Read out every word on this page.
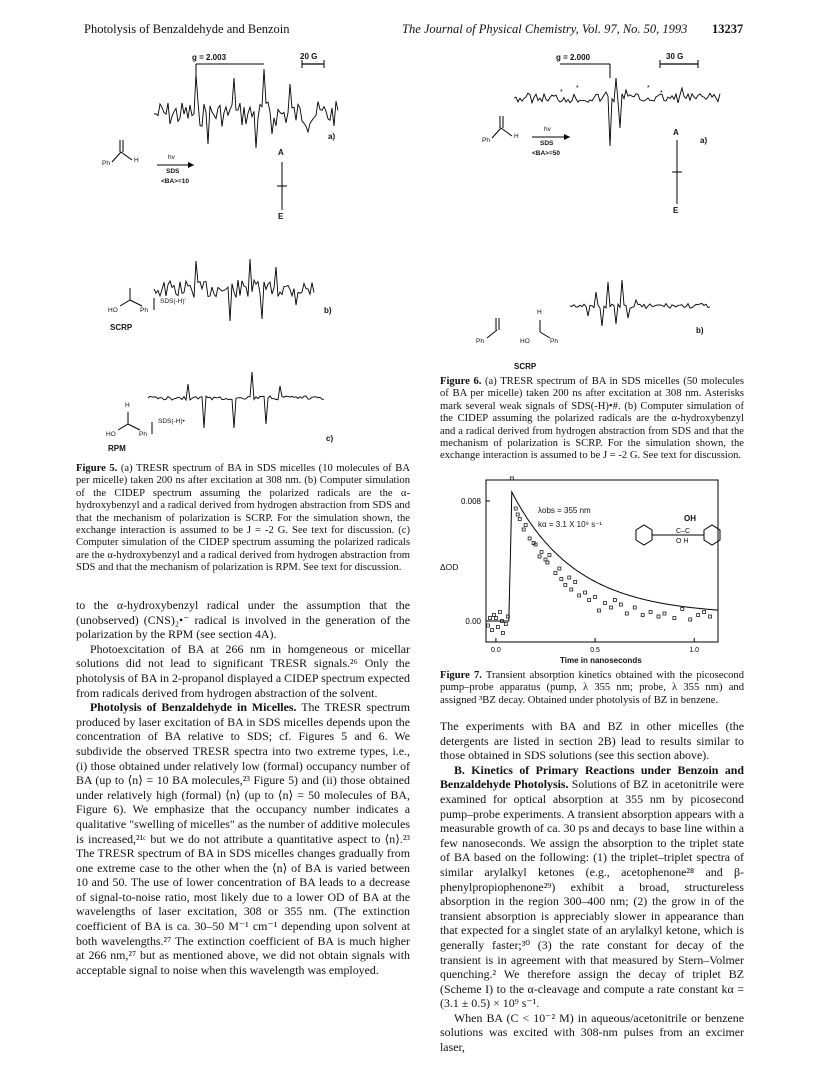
Photolysis of Benzaldehyde and Benzoin	The Journal of Physical Chemistry, Vol. 97, No. 50, 1993 13237
g = 2.003	20 G
a)
A
E
hv
SDS
<BA>=10
Ph	H
b)
SDS(-H)'
HO	Ph
SCRP
c)
SDS(-H)•
H
HO	Ph
RPM
Figure 5. (a) TRESR spectrum of BA in SDS micelles (10 molecules of BA per micelle) taken 200 ns after excitation at 308 nm. (b) Computer simulation of the CIDEP spectrum assuming the polarized radicals are the α-hydroxybenzyl and a radical derived from hydrogen abstraction from SDS and that the mechanism of polarization is SCRP. For the simulation shown, the exchange interaction is assumed to be J = -2 G. See text for discussion. (c) Computer simulation of the CIDEP spectrum assuming the polarized radicals are the α-hydroxybenzyl and a radical derived from hydrogen abstraction from SDS and that the mechanism of polarization is RPM. See text for discussion.

to the α-hydroxybenzyl radical under the assumption that the (unobserved) (CNS)₂•⁻ radical is involved in the generation of the polarization by the RPM (see section 4A).

Photoexcitation of BA at 266 nm in homgeneous or micellar solutions did not lead to significant TRESR signals.²⁶ Only the photolysis of BA in 2-propanol displayed a CIDEP spectrum expected from radicals derived from hydrogen abstraction of the solvent.

Photolysis of Benzaldehyde in Micelles. The TRESR spectrum produced by laser excitation of BA in SDS micelles depends upon the concentration of BA relative to SDS; cf. Figures 5 and 6. We subdivide the observed TRESR spectra into two extreme types, i.e., (i) those obtained under relatively low (formal) occupancy number of BA (up to ⟨n⟩ = 10 BA molecules,²³ Figure 5) and (ii) those obtained under relatively high (formal) ⟨n⟩ (up to ⟨n⟩ = 50 molecules of BA, Figure 6). We emphasize that the occupancy number indicates a qualitative "swelling of micelles" as the number of additive molecules is increased,²¹ᶜ but we do not attribute a quantitative aspect to ⟨n⟩.²³ The TRESR spectrum of BA in SDS micelles changes gradually from one extreme case to the other when the ⟨n⟩ of BA is varied between 10 and 50. The use of lower concentration of BA leads to a decrease of signal-to-noise ratio, most likely due to a lower OD of BA at the wavelengths of laser excitation, 308 or 355 nm. (The extinction coefficient of BA is ca. 30–50 M⁻¹ cm⁻¹ depending upon solvent at both wavelengths.²⁷ The extinction coefficient of BA is much higher at 266 nm,²⁷ but as mentioned above, we did not obtain signals with acceptable signal to noise when this wavelength was employed.

*
*	*
*
g = 2.000	30 G
a)
A
E
hv
SDS
<BA>=50
Ph
H
b)
H
HO	Ph
Ph
SCRP
Figure 6. (a) TRESR spectrum of BA in SDS micelles (50 molecules of BA per micelle) taken 200 ns after excitation at 308 nm. Asterisks mark several weak signals of SDS(-H)•#. (b) Computer simulation of the CIDEP assuming the polarized radicals are the α-hydroxybenzyl and a radical derived from hydrogen abstraction from SDS and that the mechanism of polarization is SCRP. For the simulation shown, the exchange interaction is assumed to be J = -2 G. See text for discussion.
0.0	0.5	1.0
0.00
0.008
ΔOD
λobs = 355 nm
kα = 3.1 X 10⁹ s⁻¹
OH
C–C
O H
Time in nanoseconds
Figure 7. Transient absorption kinetics obtained with the picosecond pump–probe apparatus (pump, λ 355 nm; probe, λ 355 nm) and assigned ³BZ decay. Obtained under photolysis of BZ in benzene.

The experiments with BA and BZ in other micelles (the detergents are listed in section 2B) lead to results similar to those obtained in SDS solutions (see this section above).

B. Kinetics of Primary Reactions under Benzoin and Benzaldehyde Photolysis. Solutions of BZ in acetonitrile were examined for optical absorption at 355 nm by picosecond pump–probe experiments. A transient absorption appears with a measurable growth of ca. 30 ps and decays to base line within a few nanoseconds. We assign the absorption to the triplet state of BA based on the following: (1) the triplet–triplet spectra of similar arylalkyl ketones (e.g., acetophenone²⁸ and β-phenylpropiophenone²⁹) exhibit a broad, structureless absorption in the region 300–400 nm; (2) the grow in of the transient absorption is appreciably slower in appearance than that expected for a singlet state of an arylalkyl ketone, which is generally faster;³⁰ (3) the rate constant for decay of the transient is in agreement with that measured by Stern–Volmer quenching.² We therefore assign the decay of triplet BZ (Scheme I) to the α-cleavage and compute a rate constant kα = (3.1 ± 0.5) × 10⁹ s⁻¹.

When BA (C < 10⁻² M) in aqueous/acetonitrile or benzene solutions was excited with 308-nm pulses from an excimer laser,
